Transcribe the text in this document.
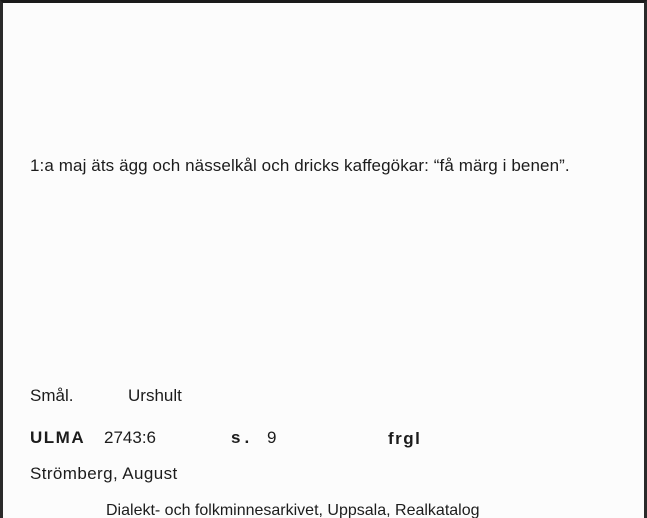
1:a maj äts ägg och nässelkål och dricks kaffegökar: “få märg i benen”.

Smål.	Urshult
ULMA 2743:6	s. 9	frgl
Strömberg, August
Dialekt- och folkminnesarkivet, Uppsala, Realkatalog
